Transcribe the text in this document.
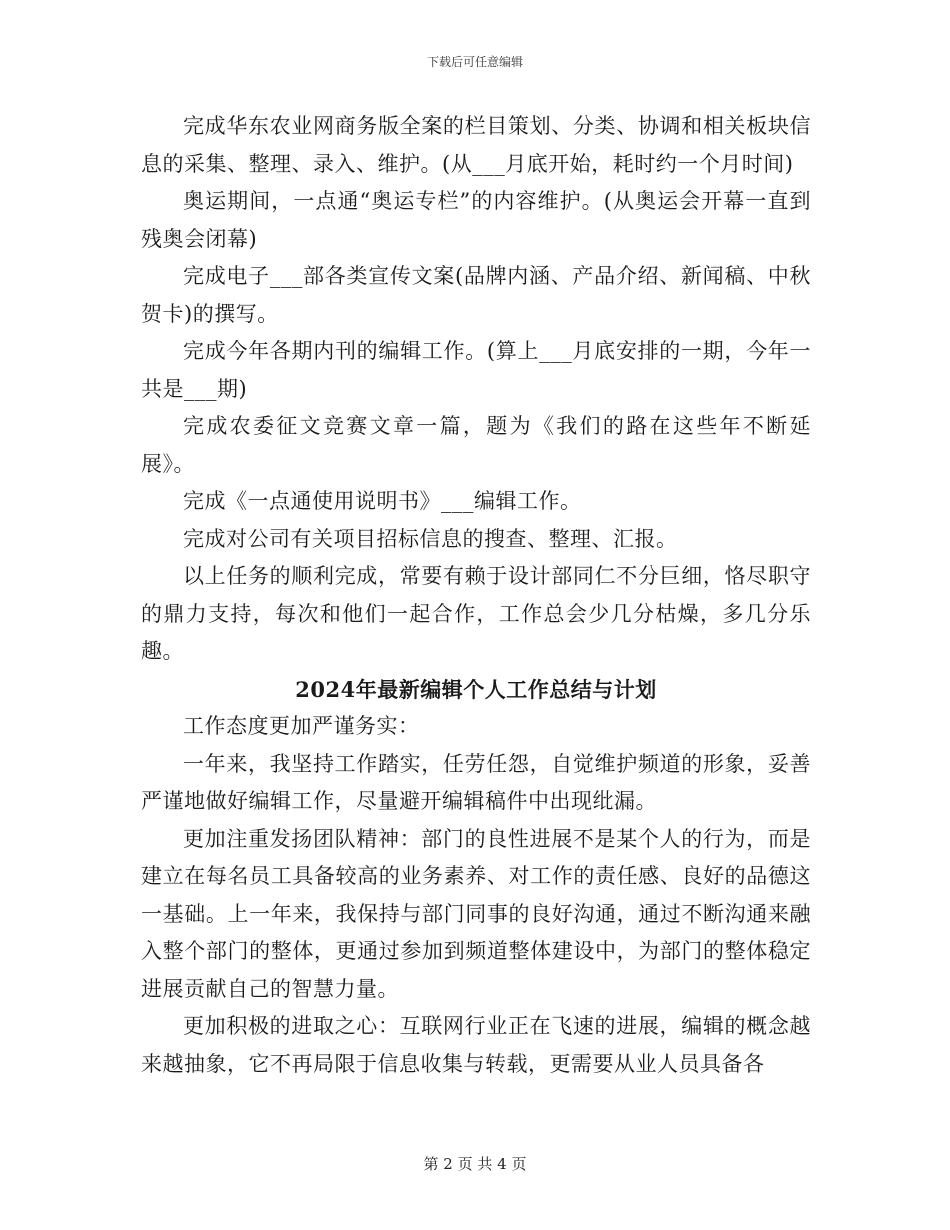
下载后可任意编辑

完成华东农业网商务版全案的栏目策划、分类、协调和相关板块信息的采集、整理、录入、维护。(从___月底开始，耗时约一个月时间)

奥运期间，一点通“奥运专栏”的内容维护。(从奥运会开幕一直到残奥会闭幕)

完成电子___部各类宣传文案(品牌内涵、产品介绍、新闻稿、中秋贺卡)的撰写。

完成今年各期内刊的编辑工作。(算上___月底安排的一期，今年一共是___期)

完成农委征文竞赛文章一篇，题为《我们的路在这些年不断延展》。

完成《一点通使用说明书》___编辑工作。

完成对公司有关项目招标信息的搜查、整理、汇报。

以上任务的顺利完成，常要有赖于设计部同仁不分巨细，恪尽职守的鼎力支持，每次和他们一起合作，工作总会少几分枯燥，多几分乐趣。

2024年最新编辑个人工作总结与计划

工作态度更加严谨务实：

一年来，我坚持工作踏实，任劳任怨，自觉维护频道的形象，妥善严谨地做好编辑工作，尽量避开编辑稿件中出现纰漏。

更加注重发扬团队精神：部门的良性进展不是某个人的行为，而是建立在每名员工具备较高的业务素养、对工作的责任感、良好的品德这一基础。上一年来，我保持与部门同事的良好沟通，通过不断沟通来融入整个部门的整体，更通过参加到频道整体建设中，为部门的整体稳定进展贡献自己的智慧力量。

更加积极的进取之心：互联网行业正在飞速的进展，编辑的概念越来越抽象，它不再局限于信息收集与转载，更需要从业人员具备各

第 2 页 共 4 页
